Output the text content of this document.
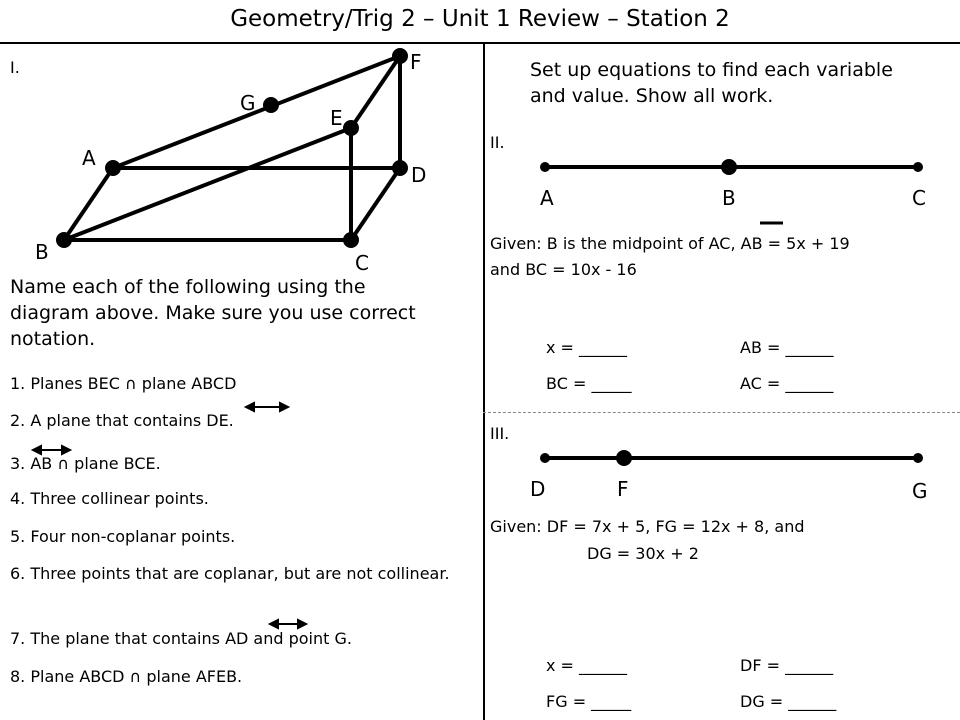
Geometry/Trig 2 – Unit 1 Review – Station 2
I.	F
G
E
A
D
B	C
Name each of the following using the diagram above. Make sure you use correct notation.
1. Planes BEC ∩ plane ABCD
2. A plane that contains DE.
3. AB ∩ plane BCE.
4. Three collinear points.
5. Four non-coplanar points.
6. Three points that are coplanar, but are not collinear.
7. The plane that contains AD and point G.
8. Plane ABCD ∩ plane AFEB.
Set up equations to find each variable and value. Show all work.
II.
A	B	C
Given: B is the midpoint of AC, AB = 5x + 19
and BC = 10x - 16
x = ______	AB = ______
BC = _____	AC = ______
III.
D	F	G
Given: DF = 7x + 5, FG = 12x + 8, and
DG = 30x + 2
x = ______	DF = ______
FG = _____	DG = ______
